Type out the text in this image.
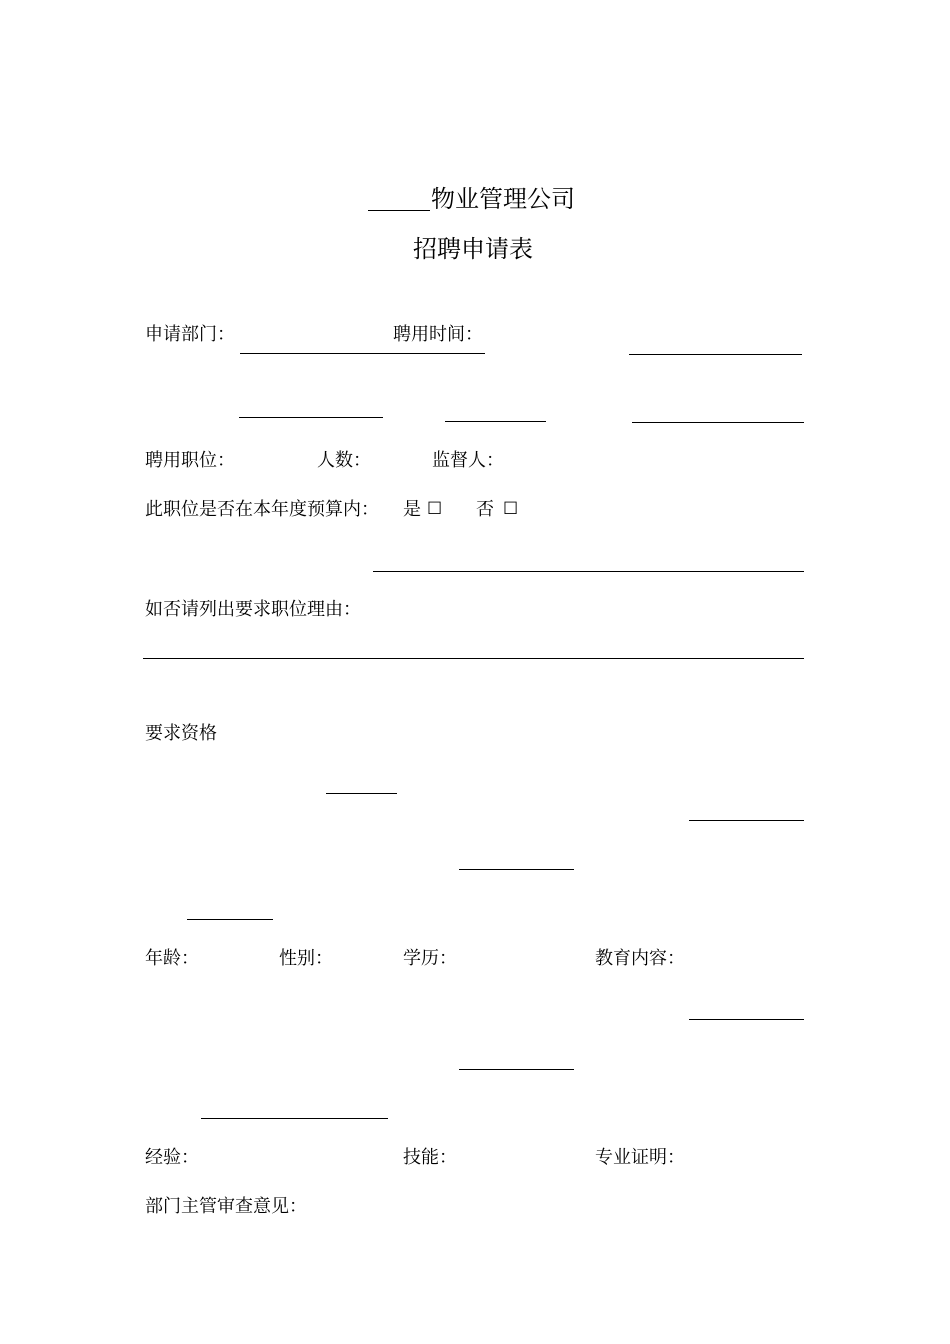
物业管理公司
招聘申请表
申请部门：	聘用时间：
聘用职位：	人数：	监督人：
此职位是否在本年度预算内： 是 ☐ 否 ☐
如否请列出要求职位理由：
要求资格
年龄：	性别：	学历：	教育内容：
经验：	技能：	专业证明：
部门主管审查意见：
